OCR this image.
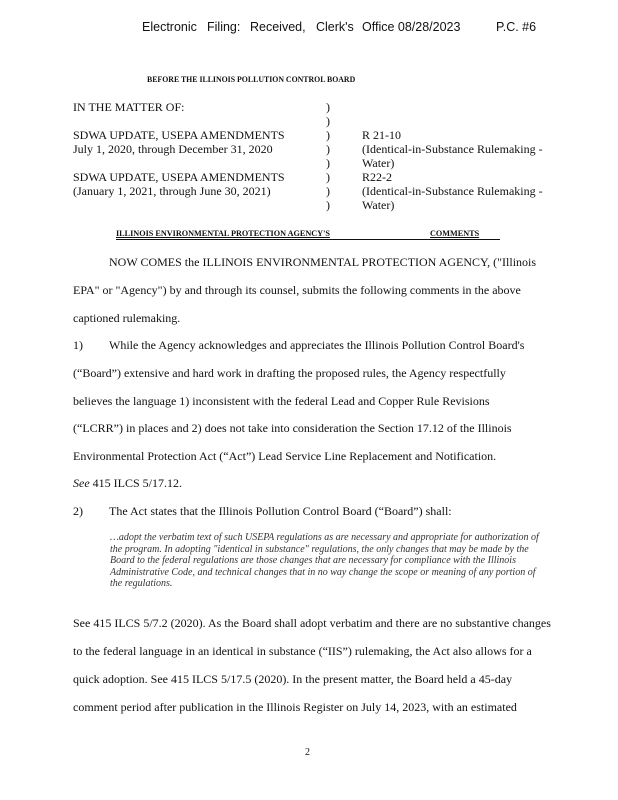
Electronic Filing: Received, Clerk's Office 08/28/2023	P.C. #6
BEFORE THE ILLINOIS POLLUTION CONTROL BOARD
IN THE MATTER OF:
SDWA UPDATE, USEPA AMENDMENTS
July 1, 2020, through December 31, 2020
SDWA UPDATE, USEPA AMENDMENTS
(January 1, 2021, through June 30, 2021)
)
)
)
)
)
)
)
)
R 21-10
(Identical-in-Substance Rulemaking -
Water)
R22-2
(Identical-in-Substance Rulemaking -
Water)
ILLINOIS ENVIRONMENTAL PROTECTION AGENCY'S	COMMENTS
NOW COMES the ILLINOIS ENVIRONMENTAL PROTECTION AGENCY, ("Illinois
EPA" or "Agency") by and through its counsel, submits the following comments in the above
captioned rulemaking.
1) While the Agency acknowledges and appreciates the Illinois Pollution Control Board's
(“Board”) extensive and hard work in drafting the proposed rules, the Agency respectfully
believes the language 1) inconsistent with the federal Lead and Copper Rule Revisions
(“LCRR”) in places and 2) does not take into consideration the Section 17.12 of the Illinois
Environmental Protection Act (“Act”) Lead Service Line Replacement and Notification.
See 415 ILCS 5/17.12.
2) The Act states that the Illinois Pollution Control Board (“Board”) shall:
…adopt the verbatim text of such USEPA regulations as are necessary and appropriate for authorization of the program. In adopting "identical in substance" regulations, the only changes that may be made by the Board to the federal regulations are those changes that are necessary for compliance with the Illinois Administrative Code, and technical changes that in no way change the scope or meaning of any portion of the regulations.
See 415 ILCS 5/7.2 (2020). As the Board shall adopt verbatim and there are no substantive changes
to the federal language in an identical in substance (“IIS”) rulemaking, the Act also allows for a
quick adoption. See 415 ILCS 5/17.5 (2020). In the present matter, the Board held a 45-day
comment period after publication in the Illinois Register on July 14, 2023, with an estimated
2
